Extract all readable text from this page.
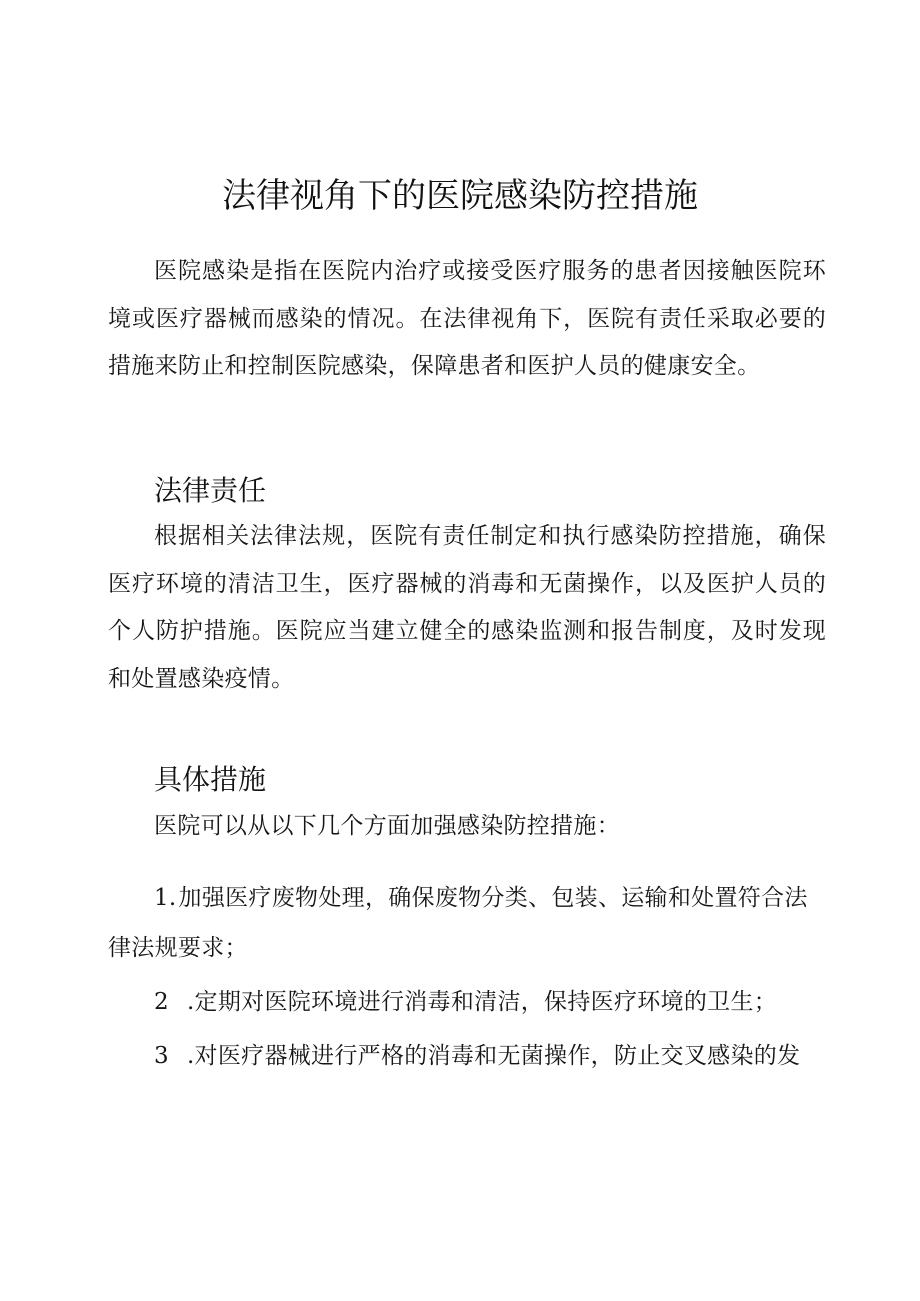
法律视角下的医院感染防控措施

医院感染是指在医院内治疗或接受医疗服务的患者因接触医院环境或医疗器械而感染的情况。在法律视角下，医院有责任采取必要的措施来防止和控制医院感染，保障患者和医护人员的健康安全。

法律责任

根据相关法律法规，医院有责任制定和执行感染防控措施，确保医疗环境的清洁卫生，医疗器械的消毒和无菌操作，以及医护人员的个人防护措施。医院应当建立健全的感染监测和报告制度，及时发现和处置感染疫情。

具体措施
医院可以从以下几个方面加强感染防控措施：
1.加强医疗废物处理，确保废物分类、包装、运输和处置符合法律法规要求；
2 .定期对医院环境进行消毒和清洁，保持医疗环境的卫生；
3 .对医疗器械进行严格的消毒和无菌操作，防止交叉感染的发
